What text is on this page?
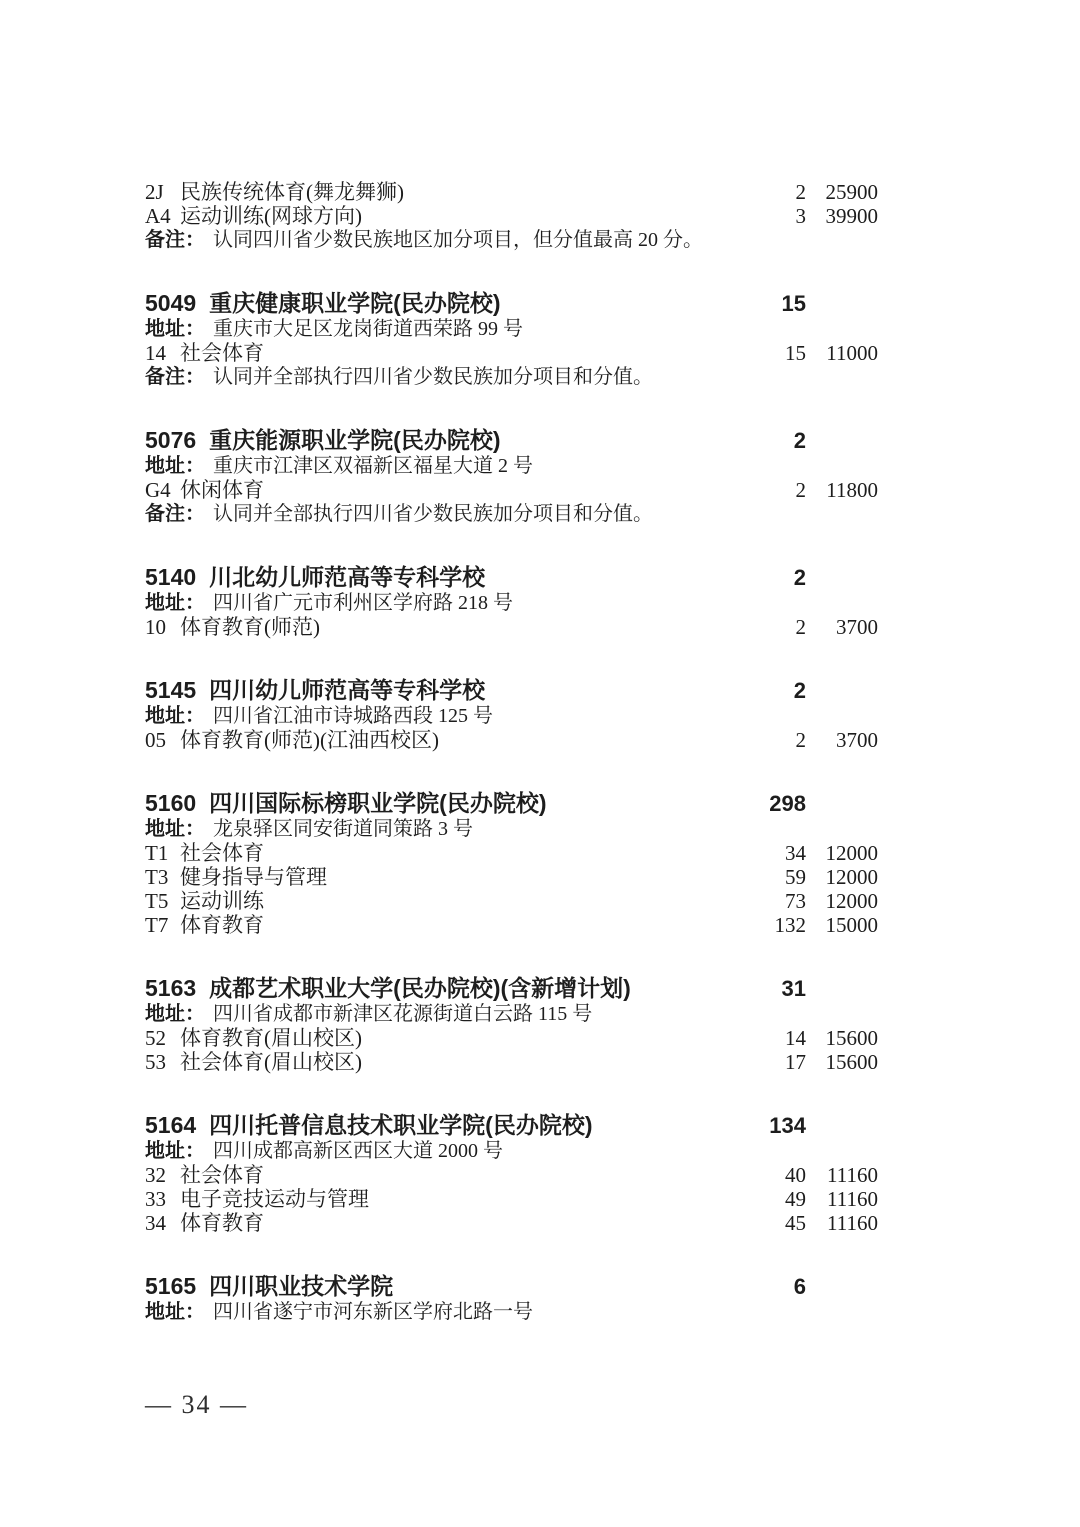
2J 民族传统体育(舞龙舞狮)	2 25900
A4 运动训练(网球方向)	3 39900
备注： 认同四川省少数民族地区加分项目，但分值最高 20 分。
5049 重庆健康职业学院(民办院校)	15
地址： 重庆市大足区龙岗街道西荣路 99 号
14 社会体育	15 11000
备注： 认同并全部执行四川省少数民族加分项目和分值。
5076 重庆能源职业学院(民办院校)	2
地址： 重庆市江津区双福新区福星大道 2 号
G4 休闲体育	2 11800
备注： 认同并全部执行四川省少数民族加分项目和分值。
5140 川北幼儿师范高等专科学校	2
地址： 四川省广元市利州区学府路 218 号
10 体育教育(师范)	2	3700
5145 四川幼儿师范高等专科学校	2
地址： 四川省江油市诗城路西段 125 号
05 体育教育(师范)(江油西校区)	2	3700
5160 四川国际标榜职业学院(民办院校)	298
地址： 龙泉驿区同安街道同策路 3 号
T1 社会体育	34 12000
T3 健身指导与管理	59 12000
T5 运动训练	73 12000
T7 体育教育	132 15000
5163 成都艺术职业大学(民办院校)(含新增计划)	31
地址： 四川省成都市新津区花源街道白云路 115 号
52 体育教育(眉山校区)	14 15600
53 社会体育(眉山校区)	17 15600
5164 四川托普信息技术职业学院(民办院校)	134
地址： 四川成都高新区西区大道 2000 号
32 社会体育	40	11160
33 电子竞技运动与管理	49	11160
34 体育教育	45	11160
5165 四川职业技术学院	6
地址： 四川省遂宁市河东新区学府北路一号
— 34 —
